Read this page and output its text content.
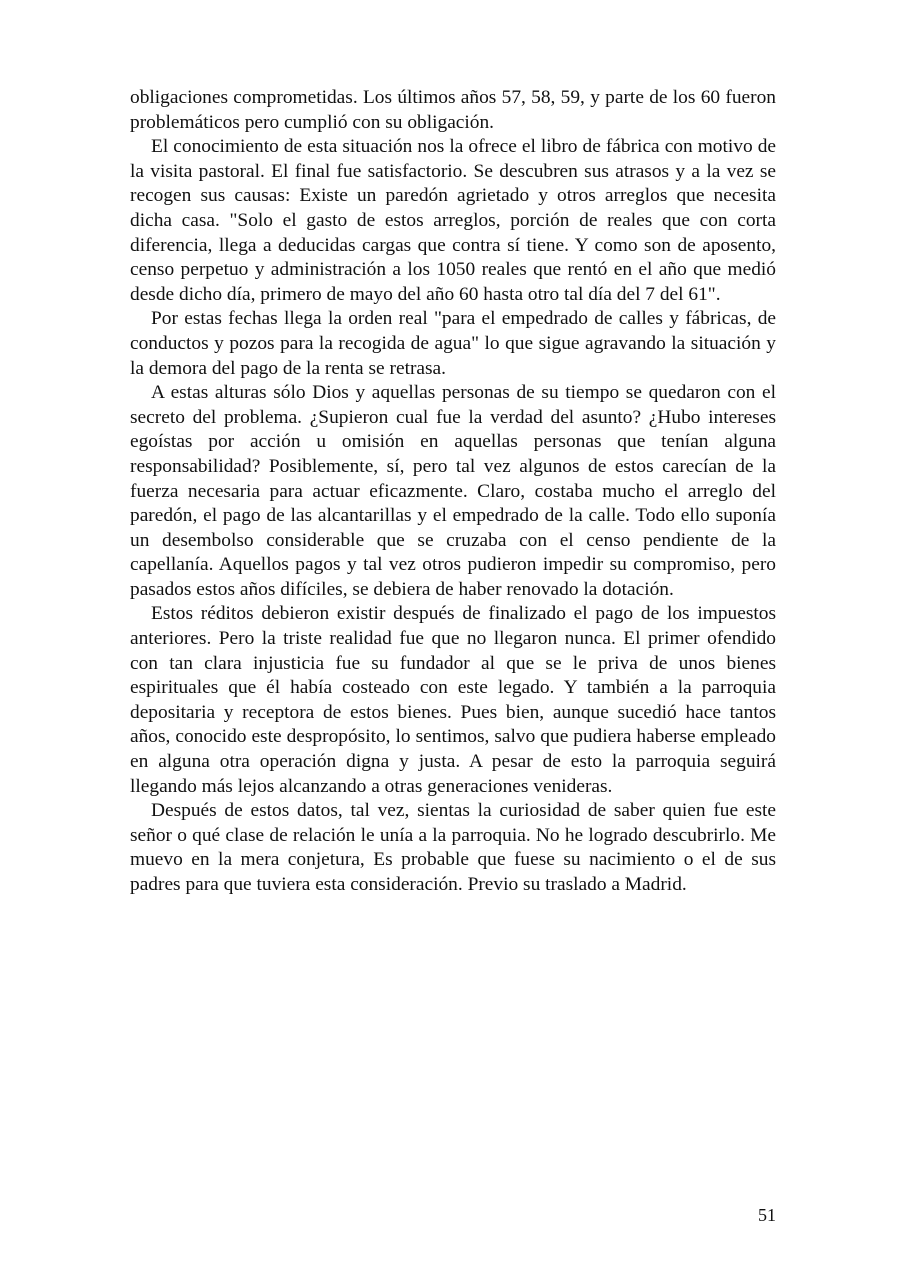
obligaciones comprometidas. Los últimos años 57, 58, 59, y parte de los 60 fueron problemáticos pero cumplió con su obligación.

El conocimiento de esta situación nos la ofrece el libro de fábrica con motivo de la visita pastoral. El final fue satisfactorio. Se descubren sus atrasos y a la vez se recogen sus causas: Existe un paredón agrietado y otros arreglos que necesita dicha casa. "Solo el gasto de estos arreglos, porción de reales que con corta diferencia, llega a deducidas cargas que contra sí tiene. Y como son de aposento, censo perpetuo y administración a los 1050 reales que rentó en el año que medió desde dicho día, primero de mayo del año 60 hasta otro tal día del 7 del 61".

Por estas fechas llega la orden real "para el empedrado de calles y fábricas, de conductos y pozos para la recogida de agua" lo que sigue agravando la situación y la demora del pago de la renta se retrasa.

A estas alturas sólo Dios y aquellas personas de su tiempo se quedaron con el secreto del problema. ¿Supieron cual fue la verdad del asunto? ¿Hubo intereses egoístas por acción u omisión en aquellas personas que tenían alguna responsabilidad? Posiblemente, sí, pero tal vez algunos de estos carecían de la fuerza necesaria para actuar eficazmente. Claro, costaba mucho el arreglo del paredón, el pago de las alcantarillas y el empedrado de la calle. Todo ello suponía un desembolso considerable que se cruzaba con el censo pendiente de la capellanía. Aquellos pagos y tal vez otros pudieron impedir su compromiso, pero pasados estos años difíciles, se debiera de haber renovado la dotación.

Estos réditos debieron existir después de finalizado el pago de los impuestos anteriores. Pero la triste realidad fue que no llegaron nunca. El primer ofendido con tan clara injusticia fue su fundador al que se le priva de unos bienes espirituales que él había costeado con este legado. Y también a la parroquia depositaria y receptora de estos bienes. Pues bien, aunque sucedió hace tantos años, conocido este despropósito, lo sentimos, salvo que pudiera haberse empleado en alguna otra operación digna y justa. A pesar de esto la parroquia seguirá llegando más lejos alcanzando a otras generaciones venideras.

Después de estos datos, tal vez, sientas la curiosidad de saber quien fue este señor o qué clase de relación le unía a la parroquia. No he logrado descubrirlo. Me muevo en la mera conjetura, Es probable que fuese su nacimiento o el de sus padres para que tuviera esta consideración. Previo su traslado a Madrid.

51
